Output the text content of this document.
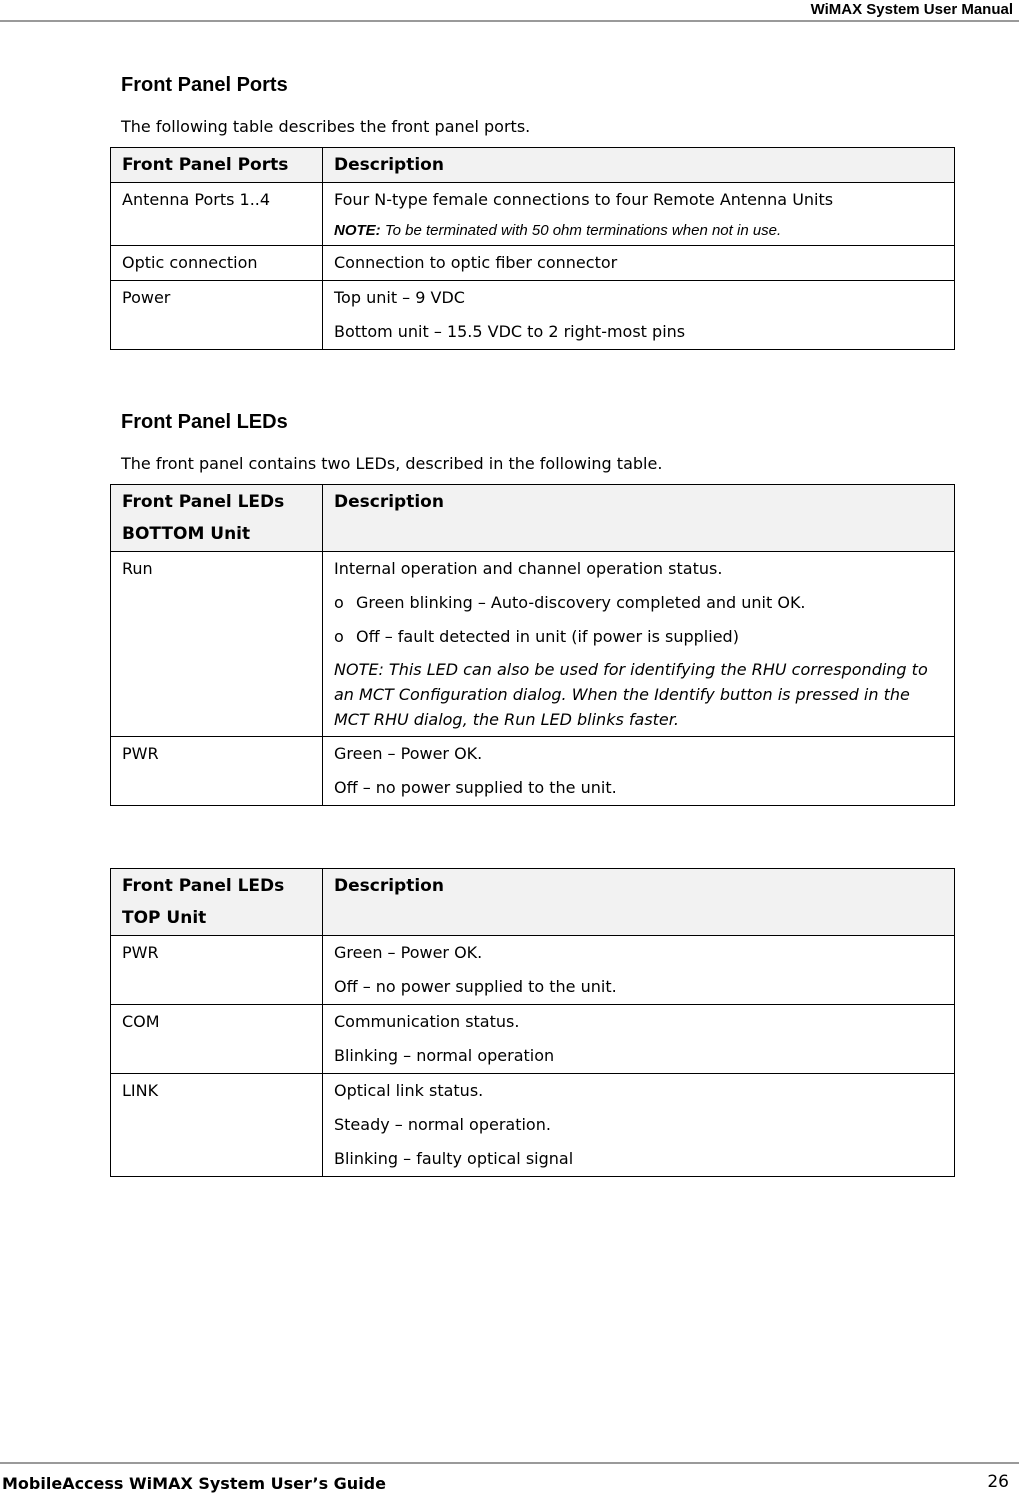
WiMAX System User Manual
Front Panel Ports

The following table describes the front panel ports.

Front Panel Ports	Description
Antenna Ports 1..4	Four N-type female connections to four Remote Antenna Units
NOTE: To be terminated with 50 ohm terminations when not in use.

Optic connection	Connection to optic fiber connector
Power	Top unit – 9 VDC
Bottom unit – 15.5 VDC to 2 right-most pins
Front Panel LEDs

The front panel contains two LEDs, described in the following table.

Front Panel LEDs
BOTTOM Unit	Description
Run	Internal operation and channel operation status.
o Green blinking – Auto-discovery completed and unit OK.
o Off – fault detected in unit (if power is supplied)
NOTE: This LED can also be used for identifying the RHU corresponding to an MCT Configuration dialog. When the Identify button is pressed in the MCT RHU dialog, the Run LED blinks faster.

PWR	Green – Power OK.
Off – no power supplied to the unit.
Front Panel LEDs
TOP Unit	Description
PWR	Green – Power OK.
Off – no power supplied to the unit.

COM	Communication status.
Blinking – normal operation

LINK	Optical link status.
Steady – normal operation.
Blinking – faulty optical signal
MobileAccess WiMAX System User’s Guide	26
